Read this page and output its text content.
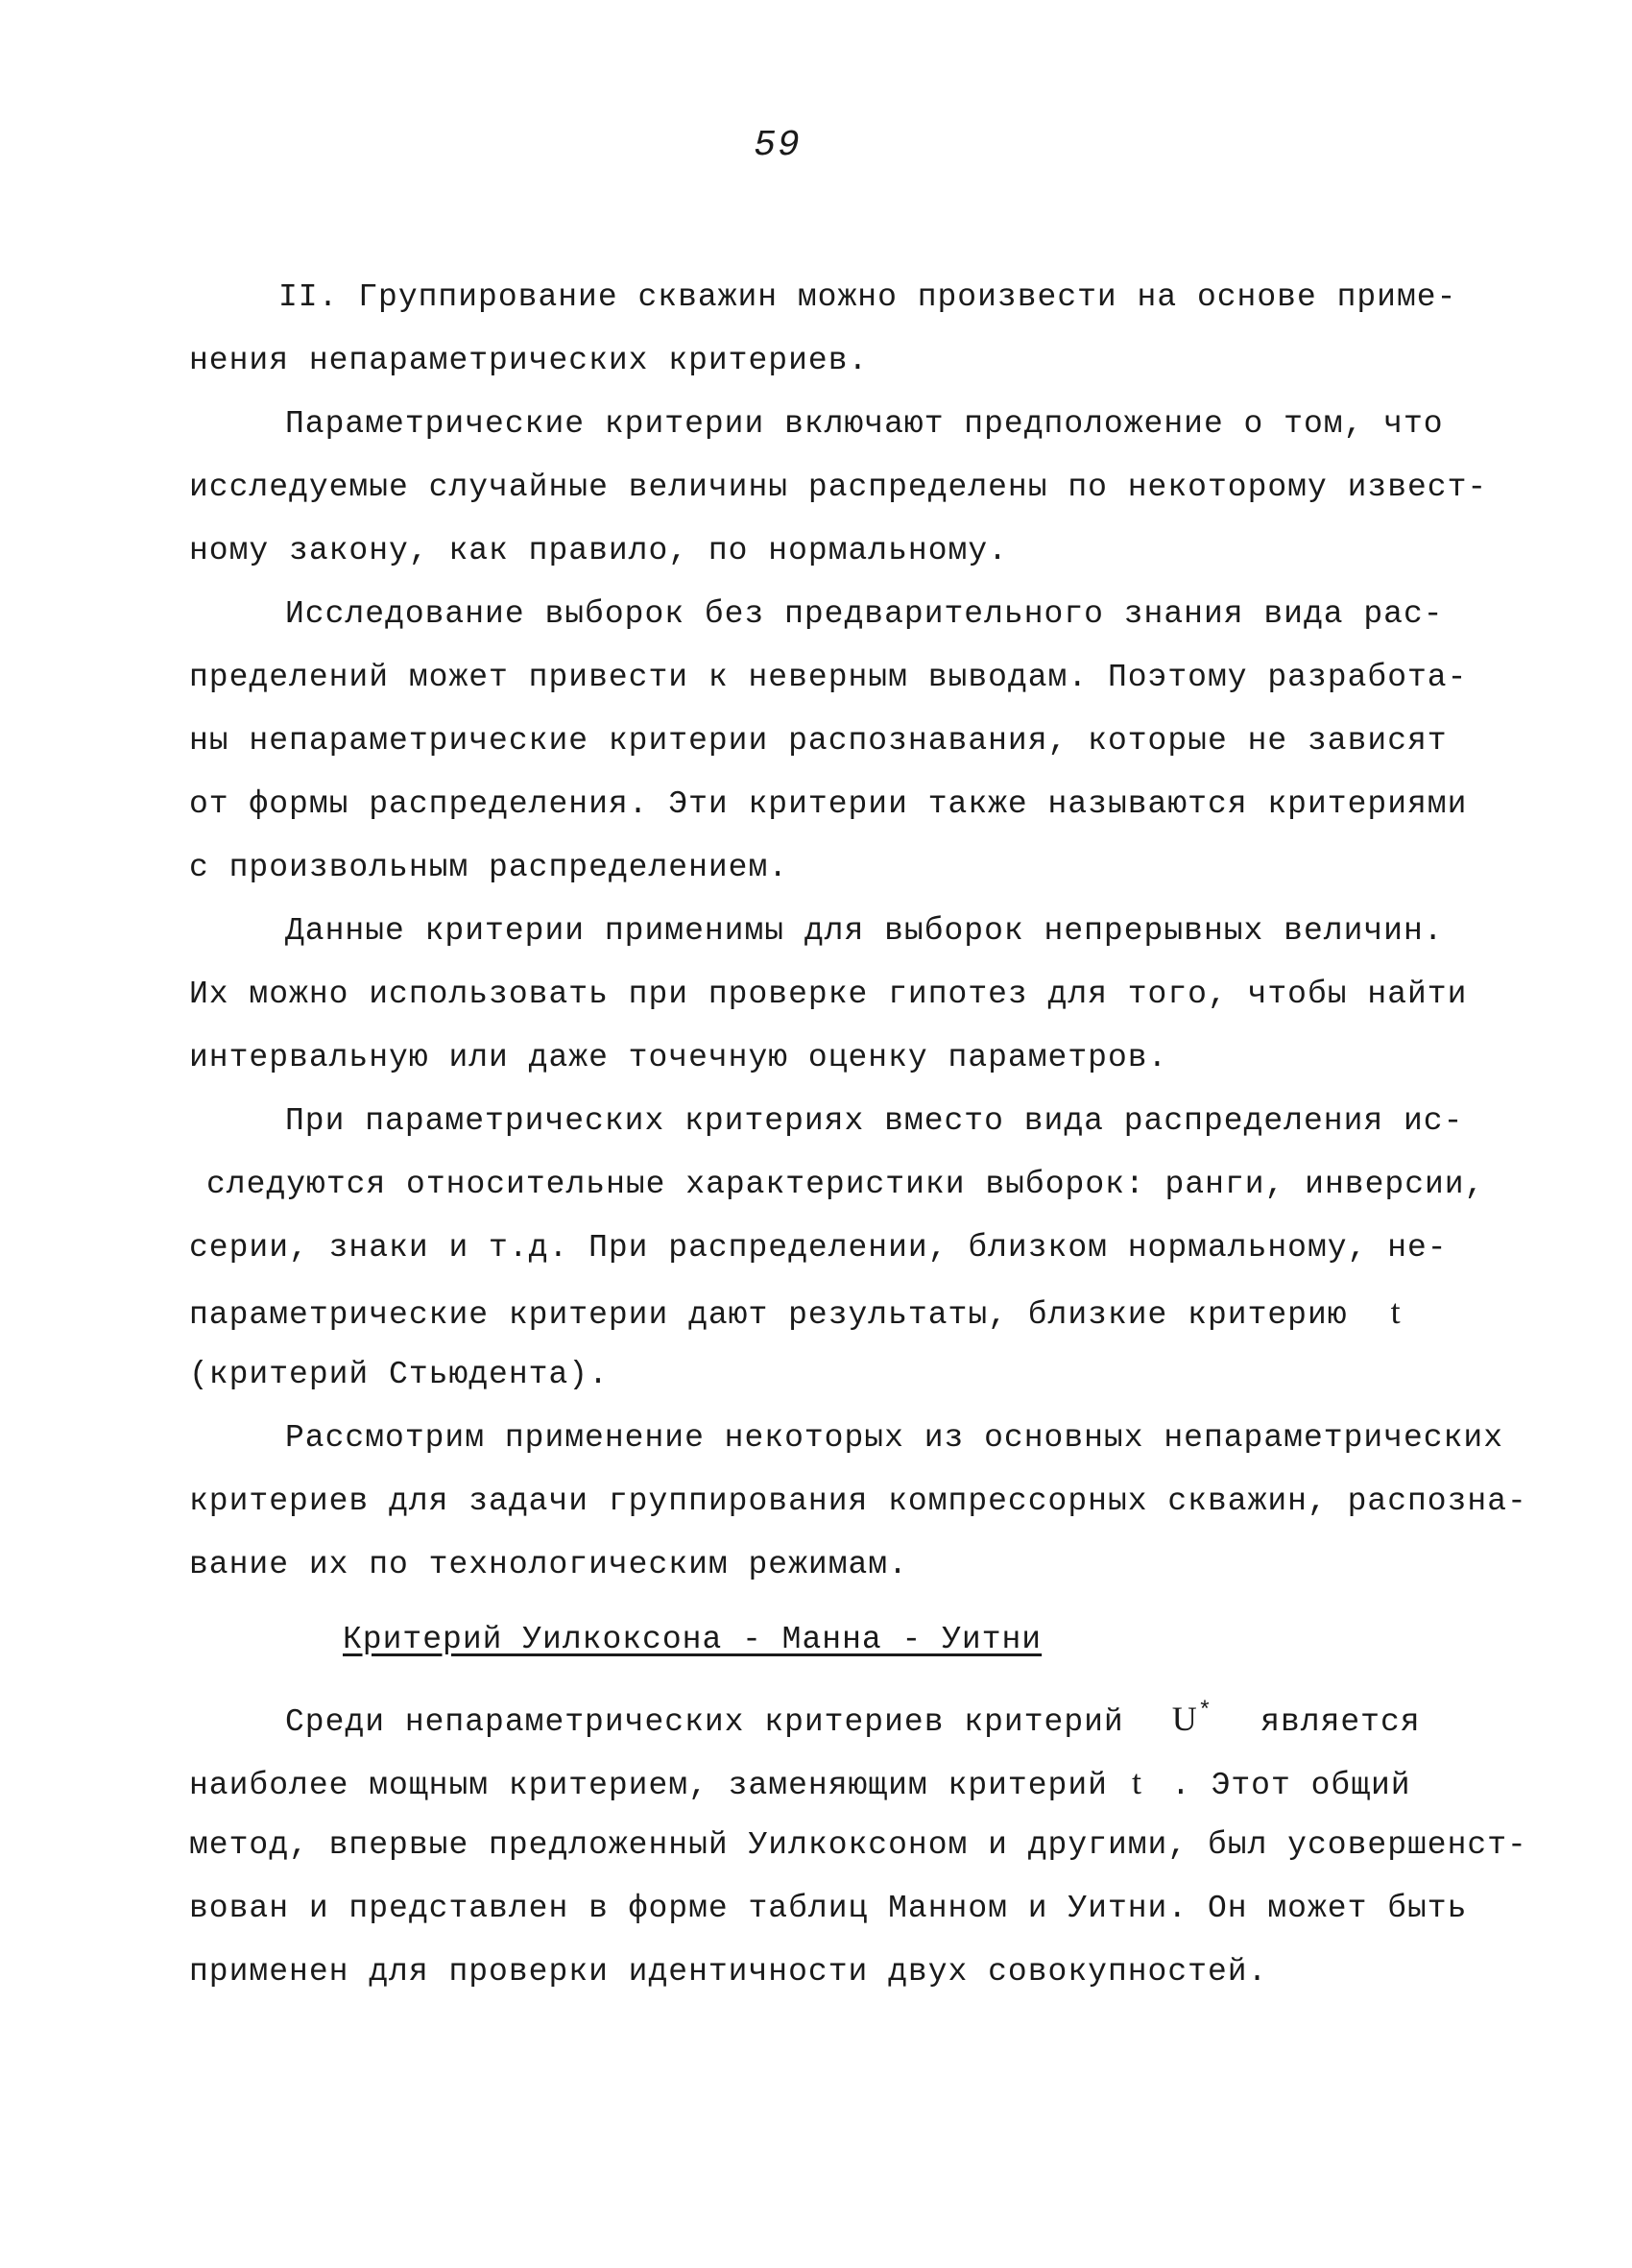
59
II. Группирование скважин можно произвести на основе приме-
нения непараметрических критериев.
Параметрические критерии включают предположение о том, что
исследуемые случайные величины распределены по некоторому извест-
ному закону, как правило, по нормальному.
Исследование выборок без предварительного знания вида рас-
пределений может привести к неверным выводам. Поэтому разработа-
ны непараметрические критерии распознавания, которые не зависят
от формы распределения. Эти критерии также называются критериями
с произвольным распределением.
Данные критерии применимы для выборок непрерывных величин.
Их можно использовать при проверке гипотез для того, чтобы найти
интервальную или даже точечную оценку параметров.
При параметрических критериях вместо вида распределения ис-
следуются относительные характеристики выборок: ранги, инверсии,
серии, знаки и т.д. При распределении, близком нормальному, не-
параметрические критерии дают результаты, близкие критерию t
(критерий Стьюдента).
Рассмотрим применение некоторых из основных непараметрических
критериев для задачи группирования компрессорных скважин, распозна-
вание их по технологическим режимам.
Критерий Уилкоксона - Манна - Уитни
Среди непараметрических критериев критерий U* является
наиболее мощным критерием, заменяющим критерий t . Этот общий
метод, впервые предложенный Уилкоксоном и другими, был усовершенст-
вован и представлен в форме таблиц Манном и Уитни. Он может быть
применен для проверки идентичности двух совокупностей.
